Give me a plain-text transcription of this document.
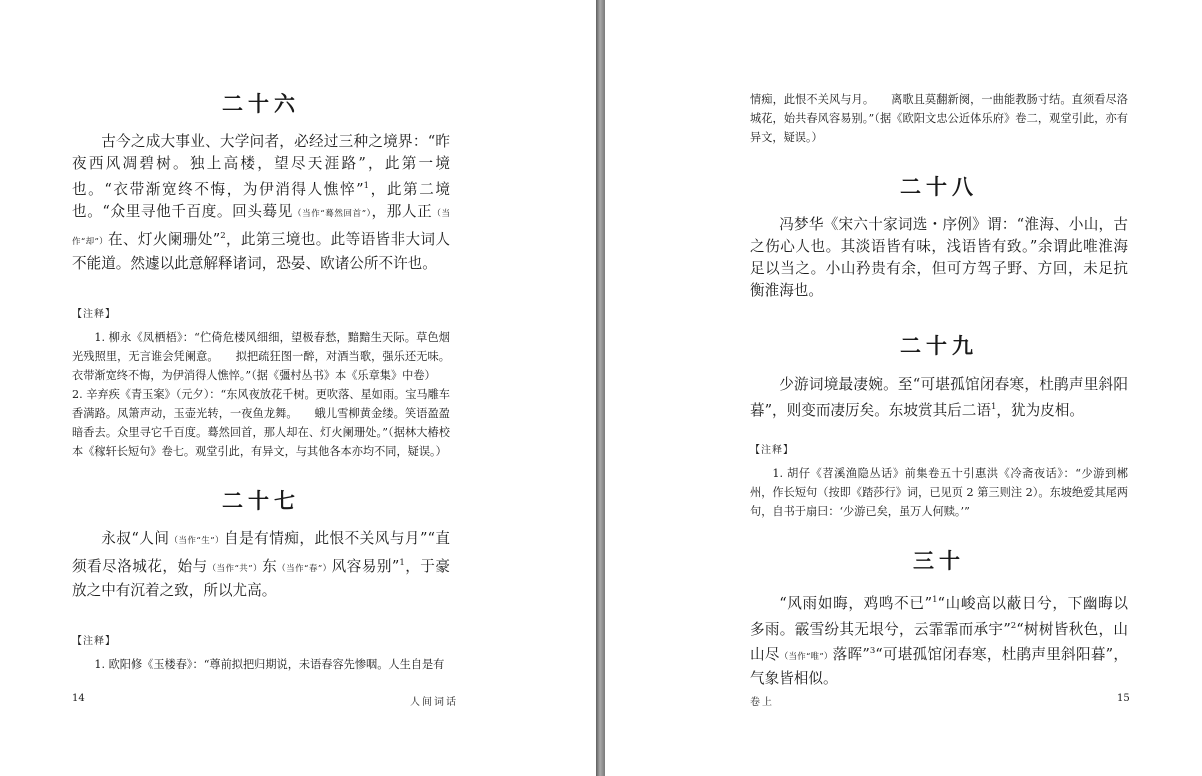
二十六

古今之成大事业、大学问者，必经过三种之境界：“昨夜西风凋碧树。独上高楼，望尽天涯路”，此第一境也。“衣带渐宽终不悔，为伊消得人憔悴”$^1$，此第二境也。“众里寻他千百度。回头蓦见（当作“蓦然回首”），那人正（当作“却”）在、灯火阑珊处”$^2$，此第三境也。此等语皆非大词人不能道。然遽以此意解释诸词，恐晏、欧诸公所不许也。

【注释】
1. 柳永《凤栖梧》：“伫倚危楼风细细，望极春愁，黯黯生天际。草色烟光残照里，无言谁会凭阑意。　　 拟把疏狂图一醉，对酒当歌，强乐还无味。衣带渐宽终不悔，为伊消得人憔悴。”（据《彊村丛书》本《乐章集》中卷）
2. 辛弃疾《青玉案》（元夕）：“东风夜放花千树。更吹落、星如雨。宝马雕车香满路。凤箫声动，玉壶光转，一夜鱼龙舞。　　 蛾儿雪柳黄金缕。笑语盈盈暗香去。众里寻它千百度。蓦然回首，那人却在、灯火阑珊处。”（据林大椿校本《稼轩长短句》卷七。观堂引此，有异文，与其他各本亦均不同，疑误。）
二十七

永叔“人间（当作“生”）自是有情痴，此恨不关风与月”“直须看尽洛城花，始与（当作“共”）东（当作“春”）风容易别”$^1$，于豪放之中有沉着之致，所以尤高。

【注释】
1. 欧阳修《玉楼春》：“尊前拟把归期说，未语春容先惨咽。人生自是有
14	人间词话
情痴，此恨不关风与月。　　 离歌且莫翻新阕，一曲能教肠寸结。直须看尽洛城花，始共春风容易别。”（据《欧阳文忠公近体乐府》卷二，观堂引此，亦有异文，疑误。）
二十八

冯梦华《宋六十家词选・序例》谓：“淮海、小山，古之伤心人也。其淡语皆有味，浅语皆有致。”余谓此唯淮海足以当之。小山矜贵有余，但可方驾子野、方回，未足抗衡淮海也。

二十九

少游词境最凄婉。至“可堪孤馆闭春寒，杜鹃声里斜阳暮”，则变而凄厉矣。东坡赏其后二语$^1$，犹为皮相。

【注释】
1. 胡仔《苕溪渔隐丛话》前集卷五十引惠洪《冷斋夜话》：“少游到郴州，作长短句（按即《踏莎行》词，已见页 2 第三则注 2）。东坡绝爱其尾两句，自书于扇曰：‘少游已矣，虽万人何赎。’”
三十

“风雨如晦，鸡鸣不已”$^1$“山峻高以蔽日兮，下幽晦以多雨。霰雪纷其无垠兮，云霏霏而承宇”$^2$“树树皆秋色，山山尽（当作“唯”）落晖”$^3$“可堪孤馆闭春寒，杜鹃声里斜阳暮”，气象皆相似。

卷上	15
